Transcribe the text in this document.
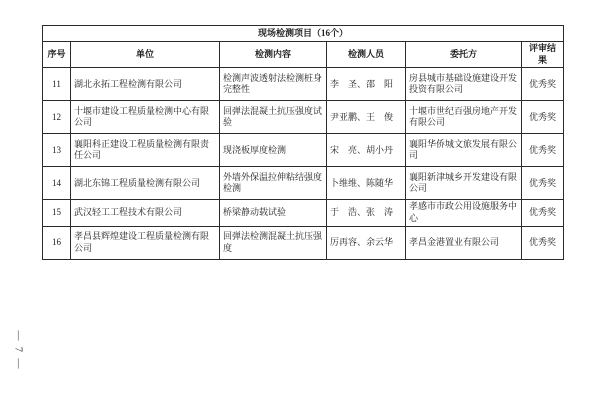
现场检测项目（16个）					
序号	单位	检测内容	检测人员	委托方	评审结果
11	湖北永拓工程检测有限公司	检测声波透射法检测桩身完整性	李　圣、邵　阳	房县城市基础设施建设开发投资有限公司	优秀奖
12	十堰市建设工程质量检测中心有限公司	回弹法混凝土抗压强度试验	尹亚鹏、王　俊	十堰市世纪百强房地产开发有限公司	优秀奖
13	襄阳科正建设工程质量检测有限责任公司	现浇板厚度检测	宋　亮、胡小丹	襄阳华侨城文旅发展有限公司	优秀奖
14	湖北东锦工程质量检测有限公司	外墙外保温拉伸粘结强度检测	卜维维、陈随华	襄阳新津城乡开发建设有限公司	优秀奖
15	武汉轻工工程技术有限公司	桥梁静动载试验	于　浩、张　涛	孝感市市政公用设施服务中心	优秀奖
16	孝昌县辉煌建设工程质量检测有限公司	回弹法检测混凝土抗压强度	厉再容、余云华	孝昌金港置业有限公司	优秀奖
— 7 —
